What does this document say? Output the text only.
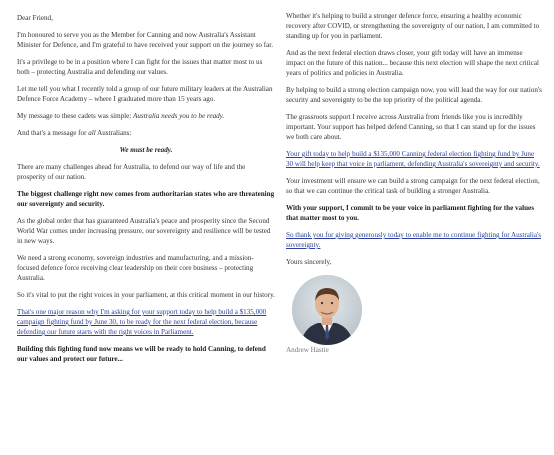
Dear Friend,

I'm honoured to serve you as the Member for Canning and now Australia's Assistant Minister for Defence, and I'm grateful to have received your support on the journey so far.

It's a privilege to be in a position where I can fight for the issues that matter most to us both – protecting Australia and defending our values.

Let me tell you what I recently told a group of our future military leaders at the Australian Defence Force Academy – where I graduated more than 15 years ago.

My message to these cadets was simple: Australia needs you to be ready.

And that's a message for all Australians:

We must be ready.

There are many challenges ahead for Australia, to defend our way of life and the prosperity of our nation.

The biggest challenge right now comes from authoritarian states who are threatening our sovereignty and security.

As the global order that has guaranteed Australia's peace and prosperity since the Second World War comes under increasing pressure, our sovereignty and resilience will be tested in new ways.

We need a strong economy, sovereign industries and manufacturing, and a mission-focused defence force receiving clear leadership on their core business – protecting Australia.

So it's vital to put the right voices in your parliament, at this critical moment in our history.

That's one major reason why I'm asking for your support today to help build a $135,000 campaign fighting fund by June 30, to be ready for the next federal election, because defending our future starts with the right voices in Parliament.

Building this fighting fund now means we will be ready to hold Canning, to defend our values and protect our future...

Whether it's helping to build a stronger defence force, ensuring a healthy economic recovery after COVID, or strengthening the sovereignty of our nation, I am committed to standing up for you in parliament.

And as the next federal election draws closer, your gift today will have an immense impact on the future of this nation... because this next election will shape the next critical years of politics and policies in Australia.

By helping to build a strong election campaign now, you will lead the way for our nation's security and sovereignty to be the top priority of the political agenda.

The grassroots support I receive across Australia from friends like you is incredibly important. Your support has helped defend Canning, so that I can stand up for the issues we both care about.

Your gift today to help build a $135,000 Canning federal election fighting fund by June 30 will help keep that voice in parliament, defending Australia's sovereignty and security.

Your investment will ensure we can build a strong campaign for the next federal election, so that we can continue the critical task of building a stronger Australia.

With your support, I commit to be your voice in parliament fighting for the values that matter most to you.

So thank you for giving generously today to enable me to continue fighting for Australia's sovereignty.

Yours sincerely,

Andrew Hastie
